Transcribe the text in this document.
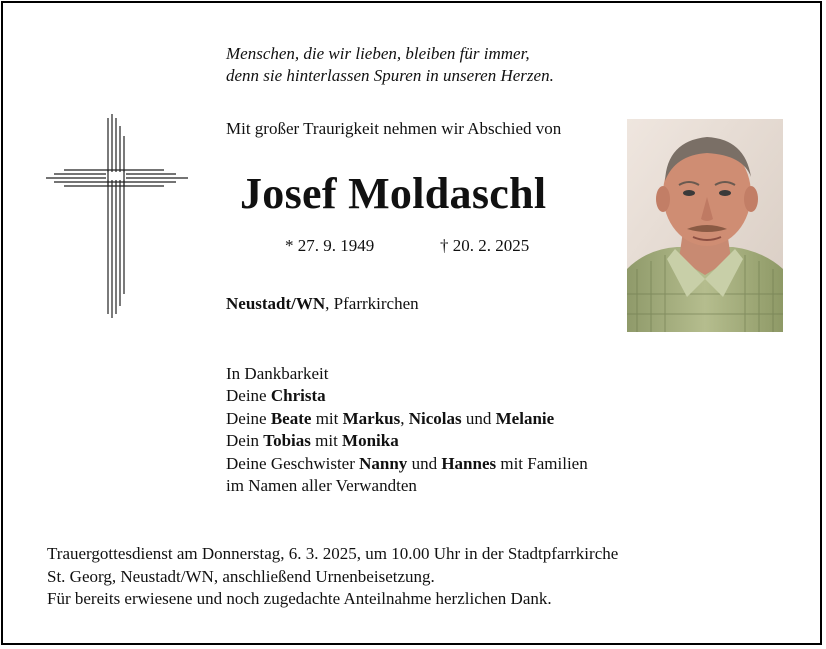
Menschen, die wir lieben, bleiben für immer,
denn sie hinterlassen Spuren in unseren Herzen.
Mit großer Traurigkeit nehmen wir Abschied von
Josef Moldaschl
* 27. 9. 1949	† 20. 2. 2025
Neustadt/WN, Pfarrkirchen
In Dankbarkeit
Deine Christa
Deine Beate mit Markus, Nicolas und Melanie
Dein Tobias mit Monika
Deine Geschwister Nanny und Hannes mit Familien
im Namen aller Verwandten
Trauergottesdienst am Donnerstag, 6. 3. 2025, um 10.00 Uhr in der Stadtpfarrkirche
St. Georg, Neustadt/WN, anschließend Urnenbeisetzung.
Für bereits erwiesene und noch zugedachte Anteilnahme herzlichen Dank.
